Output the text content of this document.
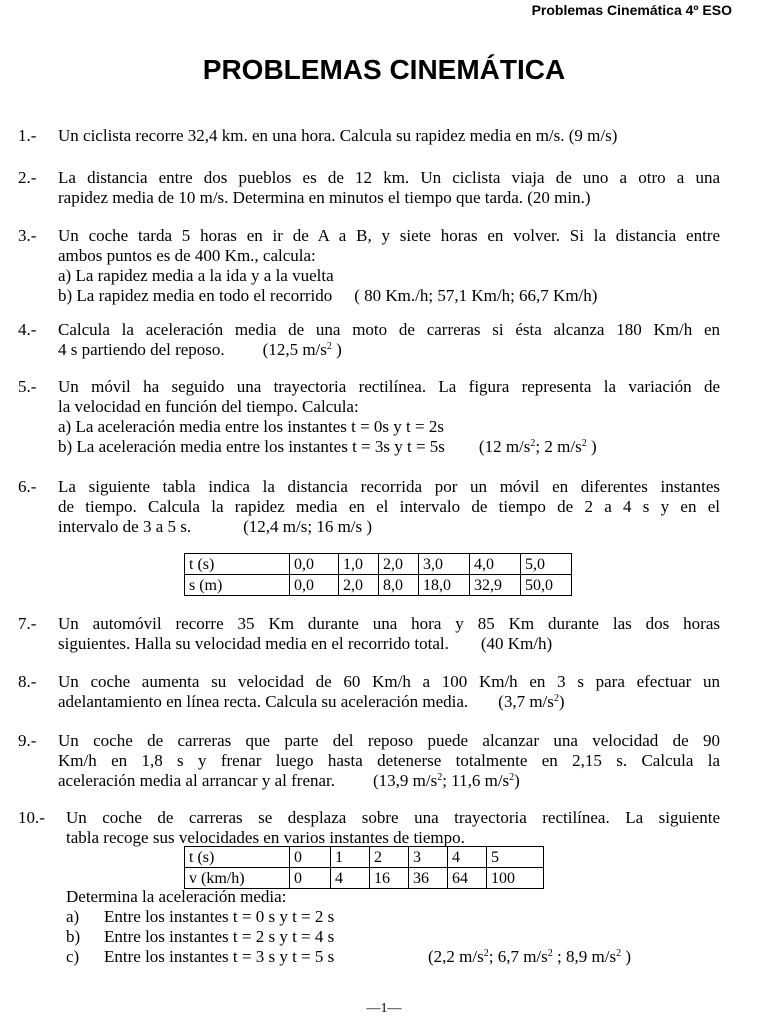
Problemas Cinemática 4º ESO
PROBLEMAS CINEMÁTICA
1.- Un ciclista recorre 32,4 km. en una hora. Calcula su rapidez media en m/s. (9 m/s)
2.- La distancia entre dos pueblos es de 12 km. Un ciclista viaja de uno a otro a una
rapidez media de 10 m/s. Determina en minutos el tiempo que tarda. (20 min.)
3.- Un coche tarda 5 horas en ir de A a B, y siete horas en volver. Si la distancia entre
ambos puntos es de 400 Km., calcula:
a) La rapidez media a la ida y a la vuelta
b) La rapidez media en todo el recorrido ( 80 Km./h; 57,1 Km/h; 66,7 Km/h)
4.- Calcula la aceleración media de una moto de carreras si ésta alcanza 180 Km/h en
4 s partiendo del reposo. (12,5 $m/s^2$ )
5.- Un móvil ha seguido una trayectoria rectilínea. La figura representa la variación de
la velocidad en función del tiempo. Calcula:
a) La aceleración media entre los instantes t = 0s y t = 2s
b) La aceleración media entre los instantes t = 3s y t = 5s (12 $m/s^2$; 2 $m/s^2$ )
6.- La siguiente tabla indica la distancia recorrida por un móvil en diferentes instantes
de tiempo. Calcula la rapidez media en el intervalo de tiempo de 2 a 4 s y en el
intervalo de 3 a 5 s.	(12,4 m/s; 16 m/s )
t (s)	0,0	1,0	2,0	3,0	4,0	5,0
s (m)	0,0	2,0	8,0	18,0	32,9	50,0
7.- Un automóvil recorre 35 Km durante una hora y 85 Km durante las dos horas
siguientes. Halla su velocidad media en el recorrido total. (40 Km/h)
8.- Un coche aumenta su velocidad de 60 Km/h a 100 Km/h en 3 s para efectuar un
adelantamiento en línea recta. Calcula su aceleración media. (3,7 $m/s^2$)
9.- Un coche de carreras que parte del reposo puede alcanzar una velocidad de 90
Km/h en 1,8 s y frenar luego hasta detenerse totalmente en 2,15 s. Calcula la
aceleración media al arrancar y al frenar. (13,9 $m/s^2$; 11,6 $m/s^2$)
10.- Un coche de carreras se desplaza sobre una trayectoria rectilínea. La siguiente
tabla recoge sus velocidades en varios instantes de tiempo.
t (s)	0	1	2	3	4	5
v (km/h)	0	4	16	36	64	100
Determina la aceleración media:
a) Entre los instantes t = 0 s y t = 2 s
b) Entre los instantes t = 2 s y t = 4 s
c) Entre los instantes t = 3 s y t = 5 s	(2,2 $m/s^2$; 6,7 $m/s^2$ ; 8,9 $m/s^2$ )
—1—
